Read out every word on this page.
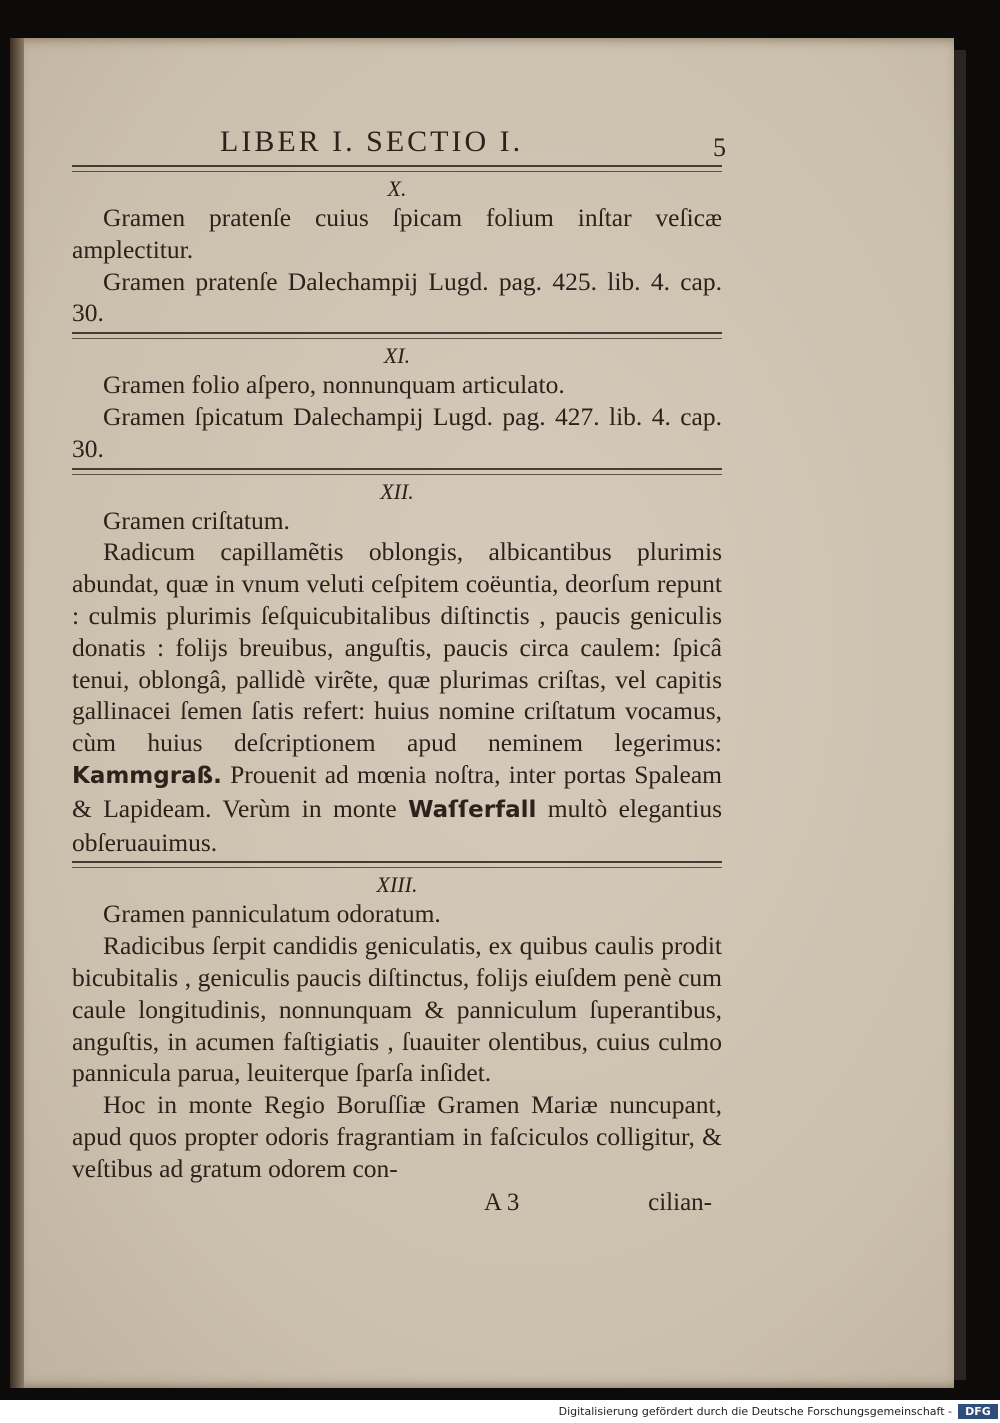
LIBER I. SECTIO I.	5
X.

Gramen pratenſe cuius ſpicam folium inſtar veſicæ amplectitur.

Gramen pratenſe Dalechampij Lugd. pag. 425. lib. 4. cap. 30.

XI.

Gramen folio aſpero, nonnunquam articulato.

Gramen ſpicatum Dalechampij Lugd. pag. 427. lib. 4. cap. 30.

XII.

Gramen criſtatum.

Radicum capillamẽtis oblongis, albicantibus plurimis abundat, quæ in vnum veluti ceſpitem coëuntia, deorſum repunt : culmis plurimis ſeſquicubitalibus diſtinctis , paucis geniculis donatis : folijs breuibus, anguſtis, paucis circa caulem: ſpicâ tenui, oblongâ, pallidè virẽte, quæ plurimas criſtas, vel capitis gallinacei ſemen ſatis refert: huius nomine criſtatum vocamus, cùm huius deſcriptionem apud neminem legerimus: Kammgraß. Prouenit ad mœnia noſtra, inter portas Spaleam & Lapideam. Verùm in monte Waſſerfall multò elegantius obſeruauimus.

XIII.

Gramen panniculatum odoratum.

Radicibus ſerpit candidis geniculatis, ex quibus caulis prodit bicubitalis , geniculis paucis diſtinctus, folijs eiuſdem penè cum caule longitudinis, nonnunquam & panniculum ſuperantibus, anguſtis, in acumen faſtigiatis , ſuauiter olentibus, cuius culmo pannicula parua, leuiterque ſparſa inſidet.

Hoc in monte Regio Boruſſiæ Gramen Mariæ nuncupant, apud quos propter odoris fragrantiam in faſciculos colligitur, & veſtibus ad gratum odorem con-

A 3	cilian-
Digitalisierung gefördert durch die Deutsche Forschungsgemeinschaft -	DFG
